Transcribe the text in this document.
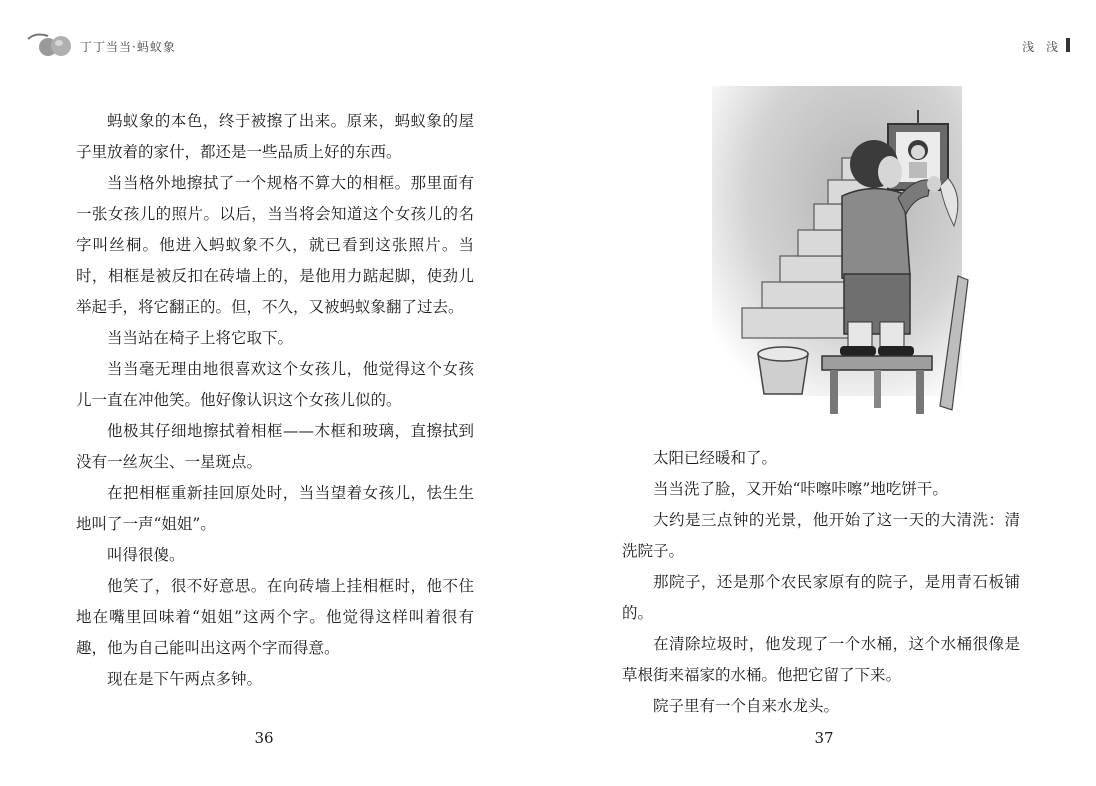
丁丁当当·蚂蚁象

蚂蚁象的本色，终于被擦了出来。原来，蚂蚁象的屋子里放着的家什，都还是一些品质上好的东西。

当当格外地擦拭了一个规格不算大的相框。那里面有一张女孩儿的照片。以后，当当将会知道这个女孩儿的名字叫丝桐。他进入蚂蚁象不久，就已看到这张照片。当时，相框是被反扣在砖墙上的，是他用力踮起脚，使劲儿举起手，将它翻正的。但，不久，又被蚂蚁象翻了过去。

当当站在椅子上将它取下。

当当毫无理由地很喜欢这个女孩儿，他觉得这个女孩儿一直在冲他笑。他好像认识这个女孩儿似的。

他极其仔细地擦拭着相框——木框和玻璃，直擦拭到没有一丝灰尘、一星斑点。

在把相框重新挂回原处时，当当望着女孩儿，怯生生地叫了一声“姐姐”。

叫得很傻。

他笑了，很不好意思。在向砖墙上挂相框时，他不住地在嘴里回味着“姐姐”这两个字。他觉得这样叫着很有趣，他为自己能叫出这两个字而得意。

现在是下午两点多钟。

36
浅 浅

太阳已经暖和了。

当当洗了脸，又开始“咔嚓咔嚓”地吃饼干。

大约是三点钟的光景，他开始了这一天的大清洗：清洗院子。

那院子，还是那个农民家原有的院子，是用青石板铺的。

在清除垃圾时，他发现了一个水桶，这个水桶很像是草根街来福家的水桶。他把它留了下来。

院子里有一个自来水龙头。

37
